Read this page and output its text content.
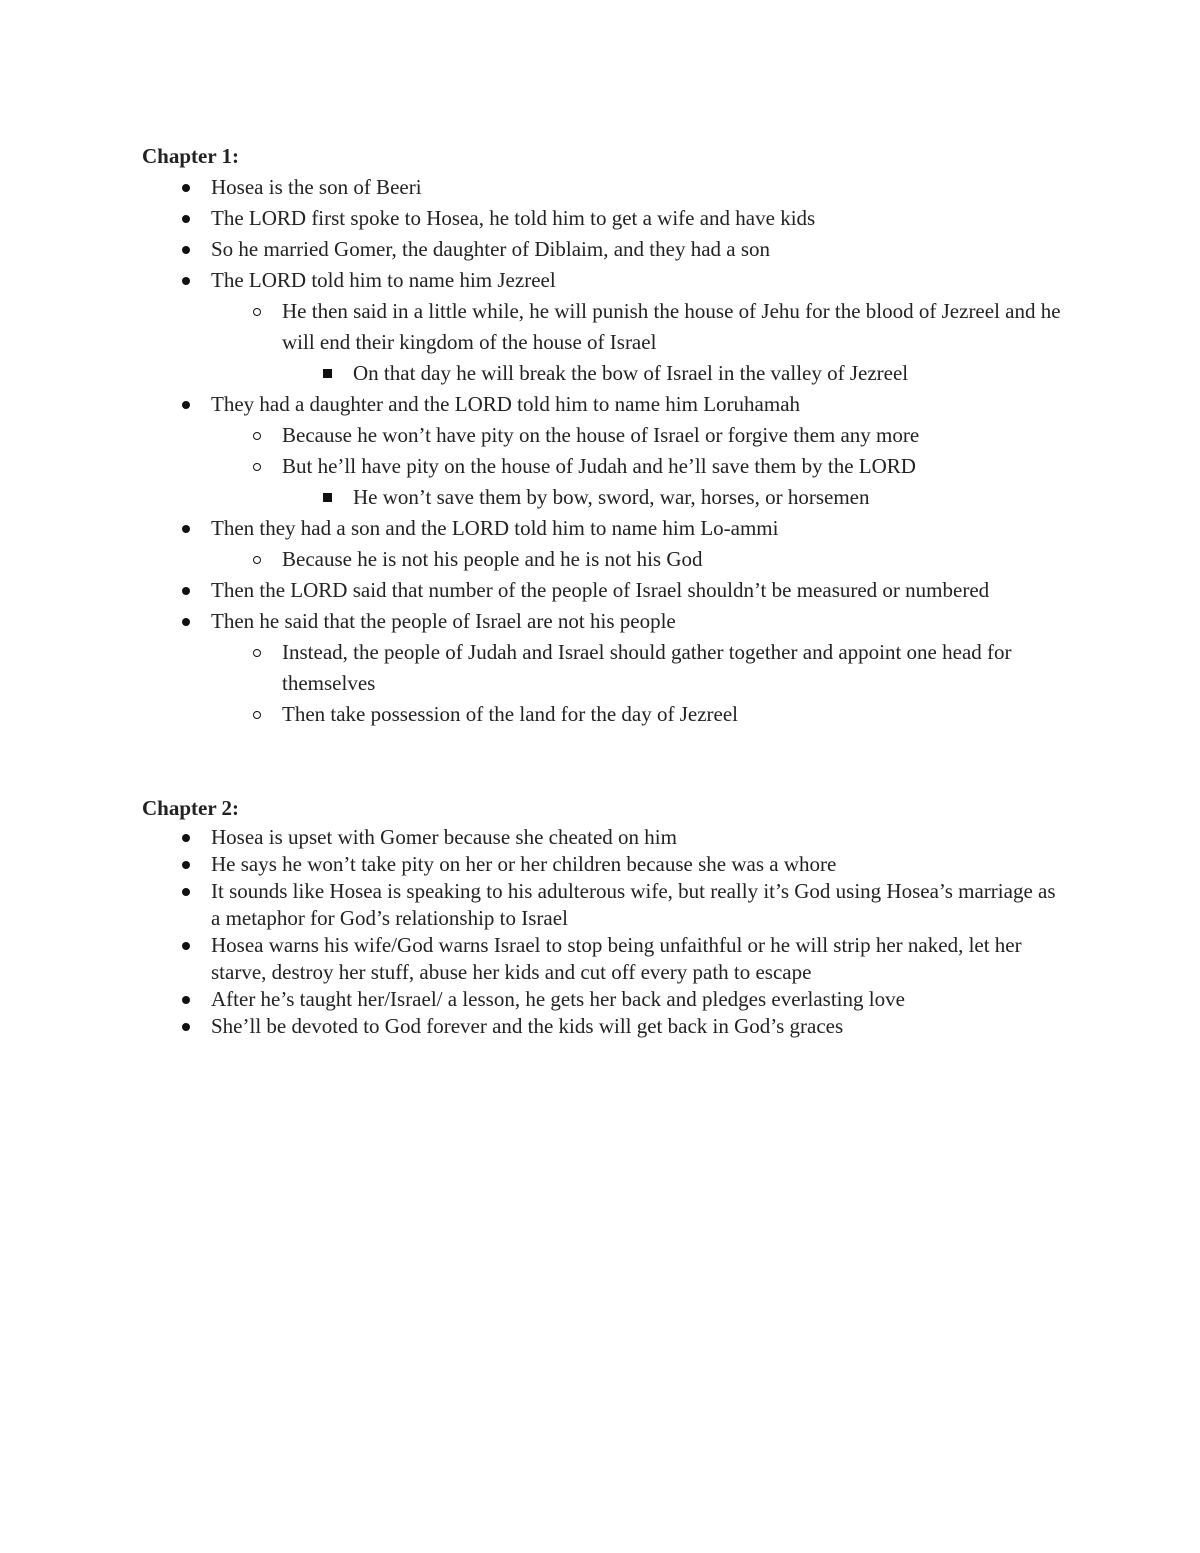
Chapter 1:
Hosea is the son of Beeri
The LORD first spoke to Hosea, he told him to get a wife and have kids
So he married Gomer, the daughter of Diblaim, and they had a son
The LORD told him to name him Jezreel
He then said in a little while, he will punish the house of Jehu for the blood of Jezreel and he will end their kingdom of the house of Israel
On that day he will break the bow of Israel in the valley of Jezreel
They had a daughter and the LORD told him to name him Loruhamah
Because he won’t have pity on the house of Israel or forgive them any more
But he’ll have pity on the house of Judah and he’ll save them by the LORD
He won’t save them by bow, sword, war, horses, or horsemen
Then they had a son and the LORD told him to name him Lo-ammi
Because he is not his people and he is not his God
Then the LORD said that number of the people of Israel shouldn’t be measured or numbered
Then he said that the people of Israel are not his people
Instead, the people of Judah and Israel should gather together and appoint one head for themselves
Then take possession of the land for the day of Jezreel
Chapter 2:
Hosea is upset with Gomer because she cheated on him
He says he won’t take pity on her or her children because she was a whore
It sounds like Hosea is speaking to his adulterous wife, but really it’s God using Hosea’s marriage as a metaphor for God’s relationship to Israel
Hosea warns his wife/God warns Israel to stop being unfaithful or he will strip her naked, let her starve, destroy her stuff, abuse her kids and cut off every path to escape
After he’s taught her/Israel/ a lesson, he gets her back and pledges everlasting love
She’ll be devoted to God forever and the kids will get back in God’s graces
